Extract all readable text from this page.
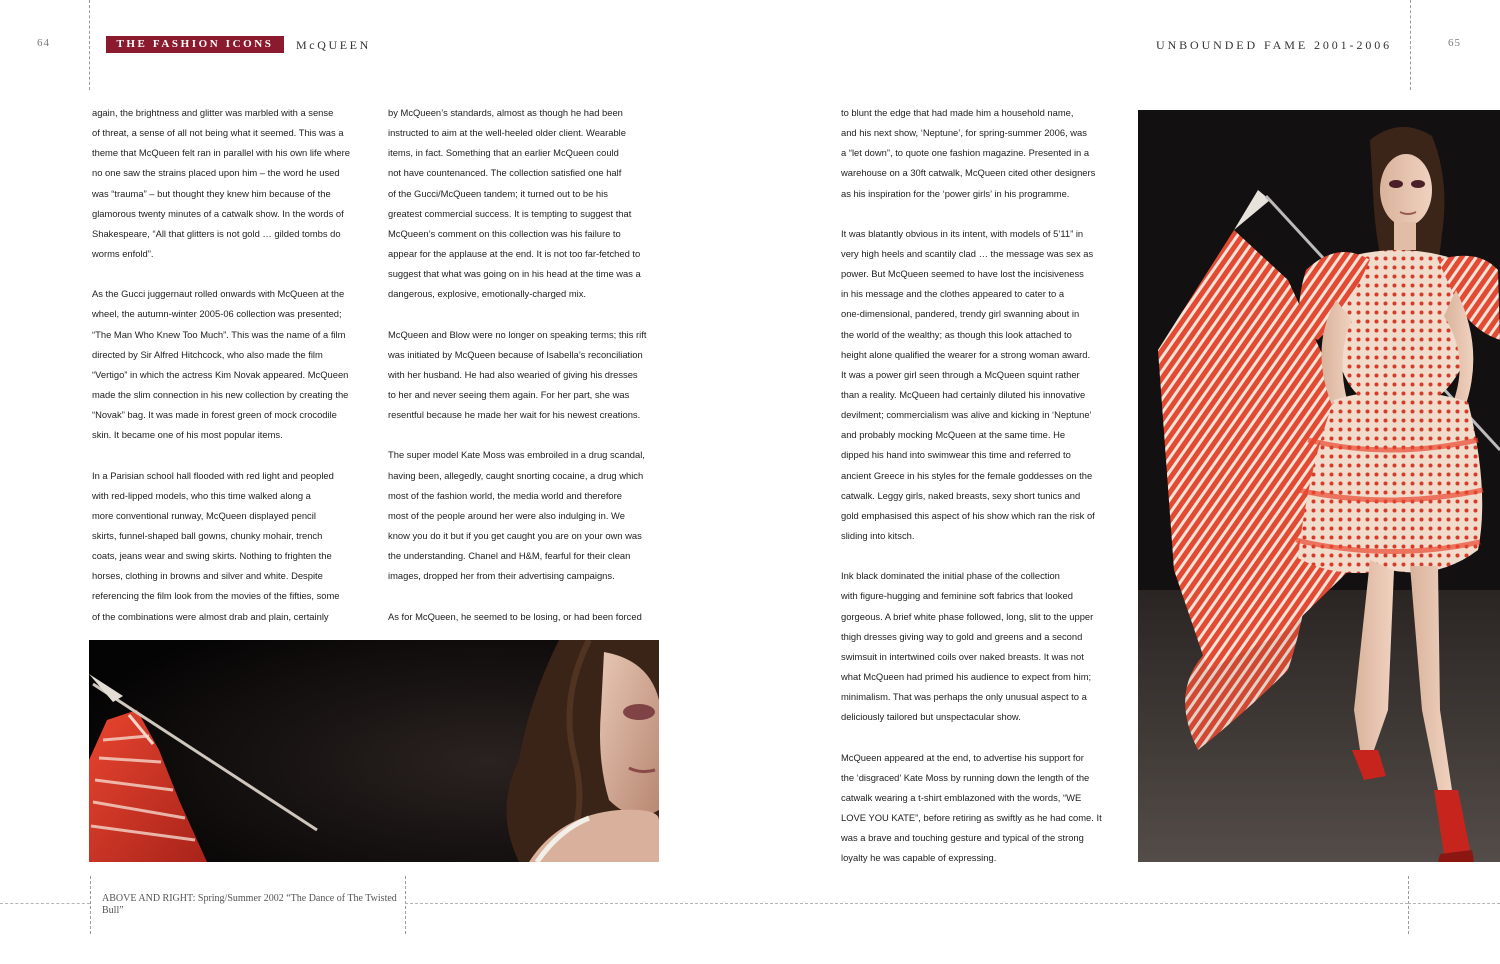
64	THE FASHION ICONS	McQUEEN	UNBOUNDED FAME 2001-2006	65
again, the brightness and glitter was marbled with a sense
of threat, a sense of all not being what it seemed. This was a
theme that McQueen felt ran in parallel with his own life where
no one saw the strains placed upon him – the word he used
was “trauma” – but thought they knew him because of the
glamorous twenty minutes of a catwalk show. In the words of
Shakespeare, “All that glitters is not gold … gilded tombs do
worms enfold”.
As the Gucci juggernaut rolled onwards with McQueen at the
wheel, the autumn-winter 2005-06 collection was presented;
“The Man Who Knew Too Much”. This was the name of a film
directed by Sir Alfred Hitchcock, who also made the film
“Vertigo” in which the actress Kim Novak appeared. McQueen
made the slim connection in his new collection by creating the
“Novak” bag. It was made in forest green of mock crocodile
skin. It became one of his most popular items.
In a Parisian school hall flooded with red light and peopled
with red-lipped models, who this time walked along a
more conventional runway, McQueen displayed pencil
skirts, funnel-shaped ball gowns, chunky mohair, trench
coats, jeans wear and swing skirts. Nothing to frighten the
horses, clothing in browns and silver and white. Despite
referencing the film look from the movies of the fifties, some
of the combinations were almost drab and plain, certainly
by McQueen’s standards, almost as though he had been
instructed to aim at the well-heeled older client. Wearable
items, in fact. Something that an earlier McQueen could
not have countenanced. The collection satisfied one half
of the Gucci/McQueen tandem; it turned out to be his
greatest commercial success. It is tempting to suggest that
McQueen’s comment on this collection was his failure to
appear for the applause at the end. It is not too far-fetched to
suggest that what was going on in his head at the time was a
dangerous, explosive, emotionally-charged mix.
McQueen and Blow were no longer on speaking terms; this rift
was initiated by McQueen because of Isabella’s reconciliation
with her husband. He had also wearied of giving his dresses
to her and never seeing them again. For her part, she was
resentful because he made her wait for his newest creations.
The super model Kate Moss was embroiled in a drug scandal,
having been, allegedly, caught snorting cocaine, a drug which
most of the fashion world, the media world and therefore
most of the people around her were also indulging in. We
know you do it but if you get caught you are on your own was
the understanding. Chanel and H&M, fearful for their clean
images, dropped her from their advertising campaigns.
As for McQueen, he seemed to be losing, or had been forced
to blunt the edge that had made him a household name,
and his next show, ‘Neptune’, for spring-summer 2006, was
a “let down”, to quote one fashion magazine. Presented in a
warehouse on a 30ft catwalk, McQueen cited other designers
as his inspiration for the ‘power girls’ in his programme.
It was blatantly obvious in its intent, with models of 5’11” in
very high heels and scantily clad … the message was sex as
power. But McQueen seemed to have lost the incisiveness
in his message and the clothes appeared to cater to a
one-dimensional, pandered, trendy girl swanning about in
the world of the wealthy; as though this look attached to
height alone qualified the wearer for a strong woman award.
It was a power girl seen through a McQueen squint rather
than a reality. McQueen had certainly diluted his innovative
devilment; commercialism was alive and kicking in ‘Neptune’
and probably mocking McQueen at the same time. He
dipped his hand into swimwear this time and referred to
ancient Greece in his styles for the female goddesses on the
catwalk. Leggy girls, naked breasts, sexy short tunics and
gold emphasised this aspect of his show which ran the risk of
sliding into kitsch.
Ink black dominated the initial phase of the collection
with figure-hugging and feminine soft fabrics that looked
gorgeous. A brief white phase followed, long, slit to the upper
thigh dresses giving way to gold and greens and a second
swimsuit in intertwined coils over naked breasts. It was not
what McQueen had primed his audience to expect from him;
minimalism. That was perhaps the only unusual aspect to a
deliciously tailored but unspectacular show.
McQueen appeared at the end, to advertise his support for
the ‘disgraced’ Kate Moss by running down the length of the
catwalk wearing a t-shirt emblazoned with the words, “WE
LOVE YOU KATE”, before retiring as swiftly as he had come. It
was a brave and touching gesture and typical of the strong
loyalty he was capable of expressing.
ABOVE AND RIGHT: Spring/Summer 2002 “The Dance of The Twisted Bull”
